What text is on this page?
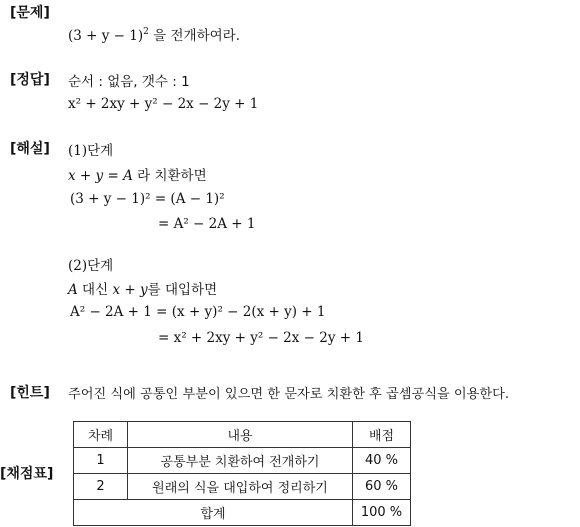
[문제]
[정답]
[해설]
[힌트]
[채점표]
$(3 + y - 1)^2$ 을 전개하여라.
순서 : 없음, 갯수 : 1
x² + 2xy + y² − 2x − 2y + 1
(1)단계
x + y = A 라 치환하면
(3 + y − 1)² = (A − 1)²
= A² − 2A + 1
(2)단계
A 대신 x + y를 대입하면
A² − 2A + 1 = (x + y)² − 2(x + y) + 1
= x² + 2xy + y² − 2x − 2y + 1
주어진 식에 공통인 부분이 있으면 한 문자로 치환한 후 곱셈공식을 이용한다.
차례	내용	배점
1	공통부분 치환하여 전개하기	40 %
2	원래의 식을 대입하여 정리하기	60 %
합계		100 %
